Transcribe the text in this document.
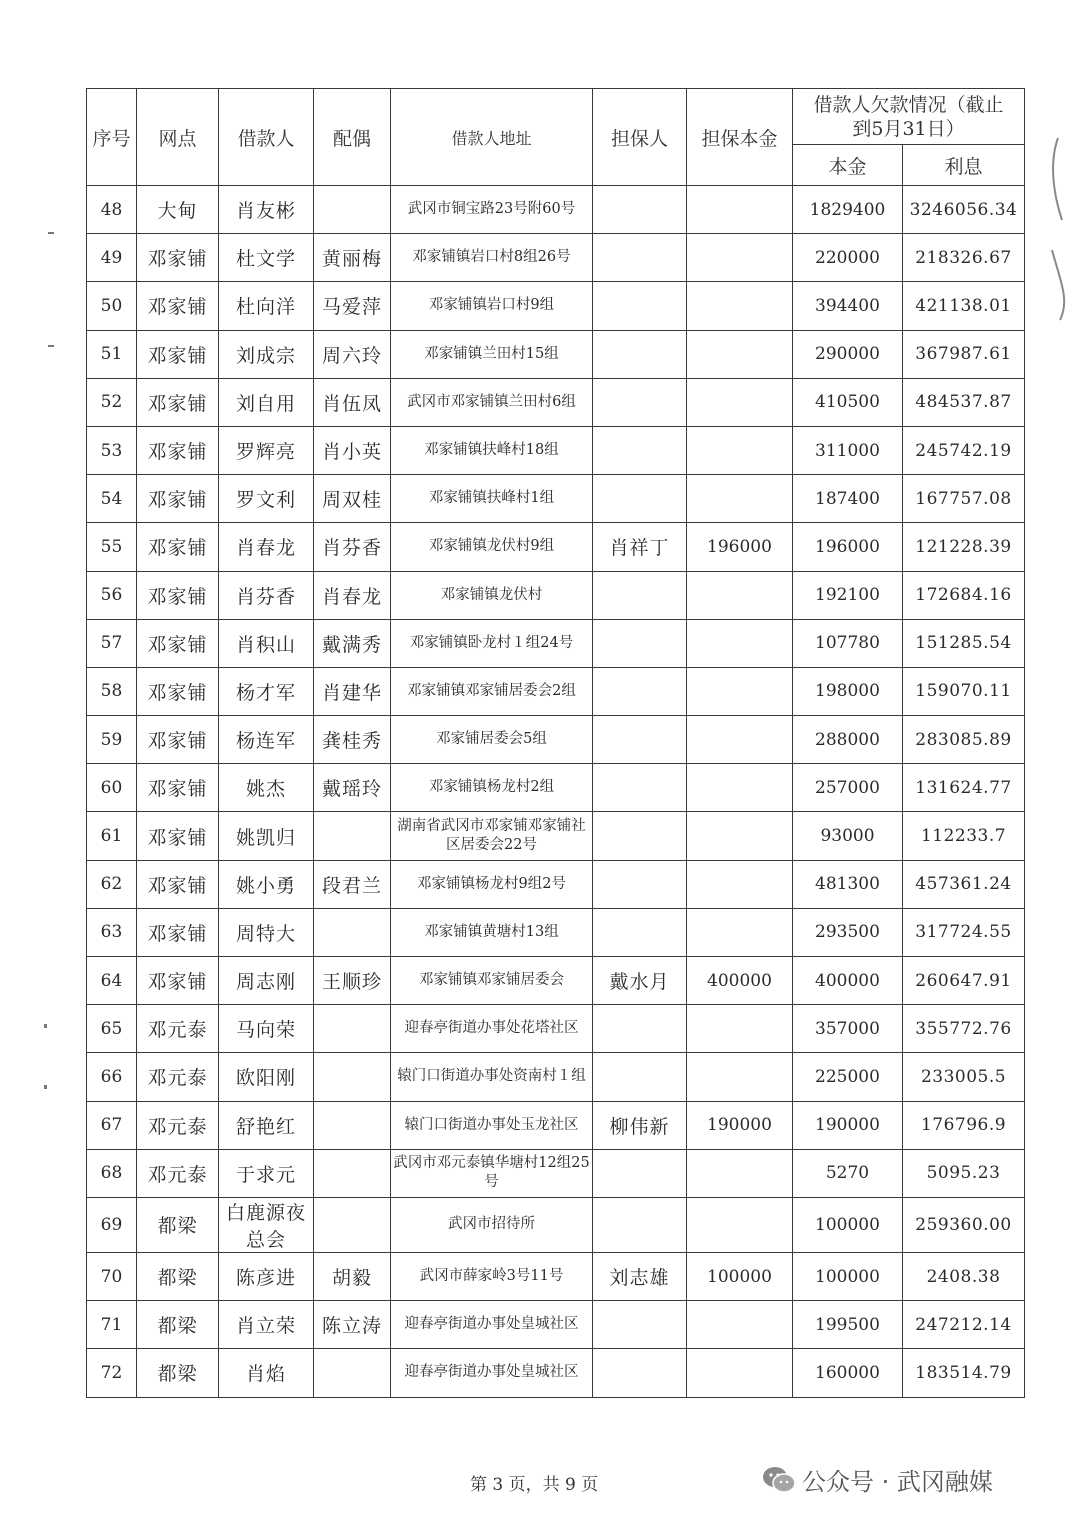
序号	网点	借款人	配偶	借款人地址	担保人	担保本金	借款人欠款情况（截止到5月31日）	
							本金	利息
48	大甸	肖友彬		武冈市铜宝路23号附60号			1829400	3246056.34
49	邓家铺	杜文学	黄丽梅	邓家铺镇岩口村8组26号			220000	218326.67
50	邓家铺	杜向洋	马爱萍	邓家铺镇岩口村9组			394400	421138.01
51	邓家铺	刘成宗	周六玲	邓家铺镇兰田村15组			290000	367987.61
52	邓家铺	刘自用	肖伍凤	武冈市邓家铺镇兰田村6组			410500	484537.87
53	邓家铺	罗辉亮	肖小英	邓家铺镇扶峰村18组			311000	245742.19
54	邓家铺	罗文利	周双桂	邓家铺镇扶峰村1组			187400	167757.08
55	邓家铺	肖春龙	肖芬香	邓家铺镇龙伏村9组	肖祥丁	196000	196000	121228.39
56	邓家铺	肖芬香	肖春龙	邓家铺镇龙伏村			192100	172684.16
57	邓家铺	肖积山	戴满秀	邓家铺镇卧龙村１组24号			107780	151285.54
58	邓家铺	杨才军	肖建华	邓家铺镇邓家铺居委会2组			198000	159070.11
59	邓家铺	杨连军	龚桂秀	邓家铺居委会5组			288000	283085.89
60	邓家铺	姚杰	戴瑶玲	邓家铺镇杨龙村2组			257000	131624.77
61	邓家铺	姚凯归		湖南省武冈市邓家铺邓家铺社区居委会22号			93000	112233.7
62	邓家铺	姚小勇	段君兰	邓家铺镇杨龙村9组2号			481300	457361.24
63	邓家铺	周特大		邓家铺镇黄塘村13组			293500	317724.55
64	邓家铺	周志刚	王顺珍	邓家铺镇邓家铺居委会	戴水月	400000	400000	260647.91
65	邓元泰	马向荣		迎春亭街道办事处花塔社区			357000	355772.76
66	邓元泰	欧阳刚		辕门口街道办事处资南村１组			225000	233005.5
67	邓元泰	舒艳红		辕门口街道办事处玉龙社区	柳伟新	190000	190000	176796.9
68	邓元泰	于求元		武冈市邓元泰镇华塘村12组25号			5270	5095.23
69	都梁	白鹿源夜总会		武冈市招待所			100000	259360.00
70	都梁	陈彦进	胡毅	武冈市薛家岭3号11号	刘志雄	100000	100000	2408.38
71	都梁	肖立荣	陈立涛	迎春亭街道办事处皇城社区			199500	247212.14
72	都梁	肖焰		迎春亭街道办事处皇城社区			160000	183514.79
第 3 页，共 9 页	公众号 · 武冈融媒
